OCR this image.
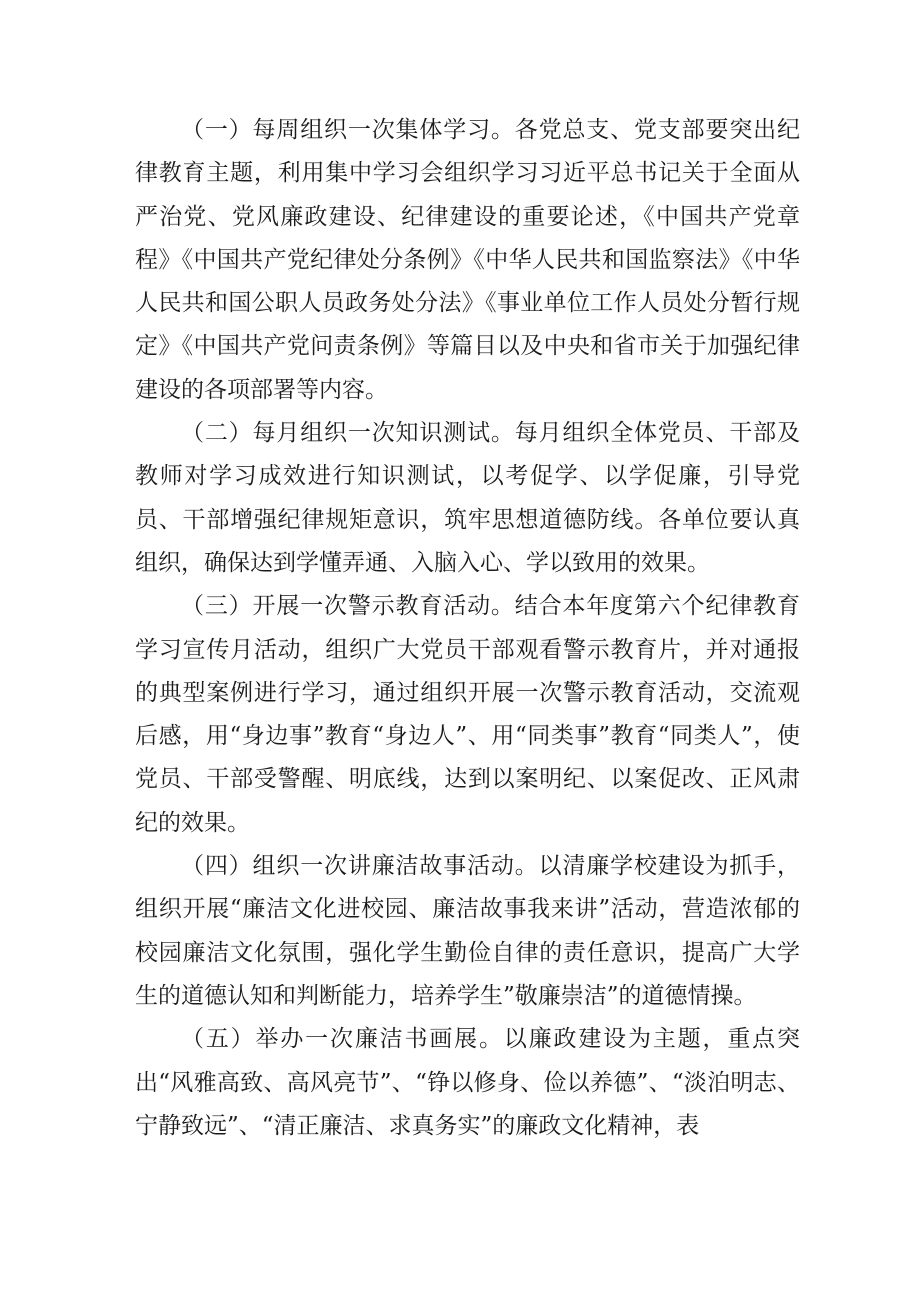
（一）每周组织一次集体学习。各党总支、党支部要突出纪律教育主题，利用集中学习会组织学习习近平总书记关于全面从严治党、党风廉政建设、纪律建设的重要论述，《中国共产党章程》《中国共产党纪律处分条例》《中华人民共和国监察法》《中华人民共和国公职人员政务处分法》《事业单位工作人员处分暂行规定》《中国共产党问责条例》等篇目以及中央和省市关于加强纪律建设的各项部署等内容。

（二）每月组织一次知识测试。每月组织全体党员、干部及教师对学习成效进行知识测试，以考促学、以学促廉，引导党员、干部增强纪律规矩意识，筑牢思想道德防线。各单位要认真组织，确保达到学懂弄通、入脑入心、学以致用的效果。

（三）开展一次警示教育活动。结合本年度第六个纪律教育学习宣传月活动，组织广大党员干部观看警示教育片，并对通报的典型案例进行学习，通过组织开展一次警示教育活动，交流观后感，用“身边事”教育“身边人”、用“同类事”教育“同类人”，使党员、干部受警醒、明底线，达到以案明纪、以案促改、正风肃纪的效果。

（四）组织一次讲廉洁故事活动。以清廉学校建设为抓手，组织开展“廉洁文化进校园、廉洁故事我来讲”活动，营造浓郁的校园廉洁文化氛围，强化学生勤俭自律的责任意识，提高广大学生的道德认知和判断能力，培养学生”敬廉崇洁”的道德情操。

（五）举办一次廉洁书画展。以廉政建设为主题，重点突出“风雅高致、高风亮节”、“铮以修身、俭以养德”、“淡泊明志、宁静致远”、“清正廉洁、求真务实”的廉政文化精神，表
